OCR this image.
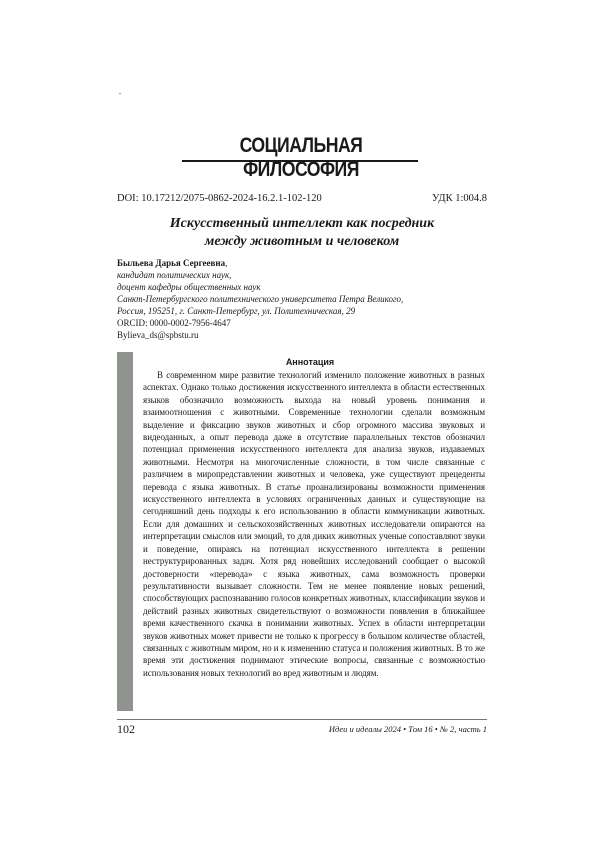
СОЦИАЛЬНАЯ ФИЛОСОФИЯ
DOI: 10.17212/2075-0862-2024-16.2.1-102-120	УДК 1:004.8
Искусственный интеллект как посредник
между животным и человеком
Быльева Дарья Сергеевна,
кандидат политических наук,
доцент кафедры общественных наук
Санкт-Петербургского политехнического университета Петра Великого,
Россия, 195251, г. Санкт-Петербург, ул. Политехническая, 29
ORCID: 0000-0002-7956-4647
Bylieva_ds@spbstu.ru
Аннотация
В современном мире развитие технологий изменило положение животных в разных аспектах. Однако только достижения искусственного интеллекта в области естественных языков обозначило возможность выхода на новый уровень понимания и взаимоотношения с животными. Современные технологии сделали возможным выделение и фиксацию звуков животных и сбор огромного массива звуковых и видеоданных, а опыт перевода даже в отсутствие параллельных текстов обозначил потенциал применения искусственного интеллекта для анализа звуков, издаваемых животными. Несмотря на многочисленные сложности, в том числе связанные с различием в миропредставлении животных и человека, уже существуют прецеденты перевода с языка животных. В статье проанализированы возможности применения искусственного интеллекта в условиях ограниченных данных и существующие на сегодняшний день подходы к его использованию в области коммуникации животных. Если для домашних и сельскохозяйственных животных исследователи опираются на интерпретации смыслов или эмоций, то для диких животных ученые сопоставляют звуки и поведение, опираясь на потенциал искусственного интеллекта в решении неструктурированных задач. Хотя ряд новейших исследований сообщает о высокой достоверности «перевода» с языка животных, сама возможность проверки результативности вызывает сложности. Тем не менее появление новых решений, способствующих распознаванию голосов конкретных животных, классификации звуков и действий разных животных свидетельствуют о возможности появления в ближайшее время качественного скачка в понимании животных. Успех в области интерпретации звуков животных может привести не только к прогрессу в большом количестве областей, связанных с животным миром, но и к изменению статуса и положения животных. В то же время эти достижения поднимают этические вопросы, связанные с возможностью использования новых технологий во вред животным и людям.
102	Идеи и идеалы 2024 • Том 16 • № 2, часть 1
